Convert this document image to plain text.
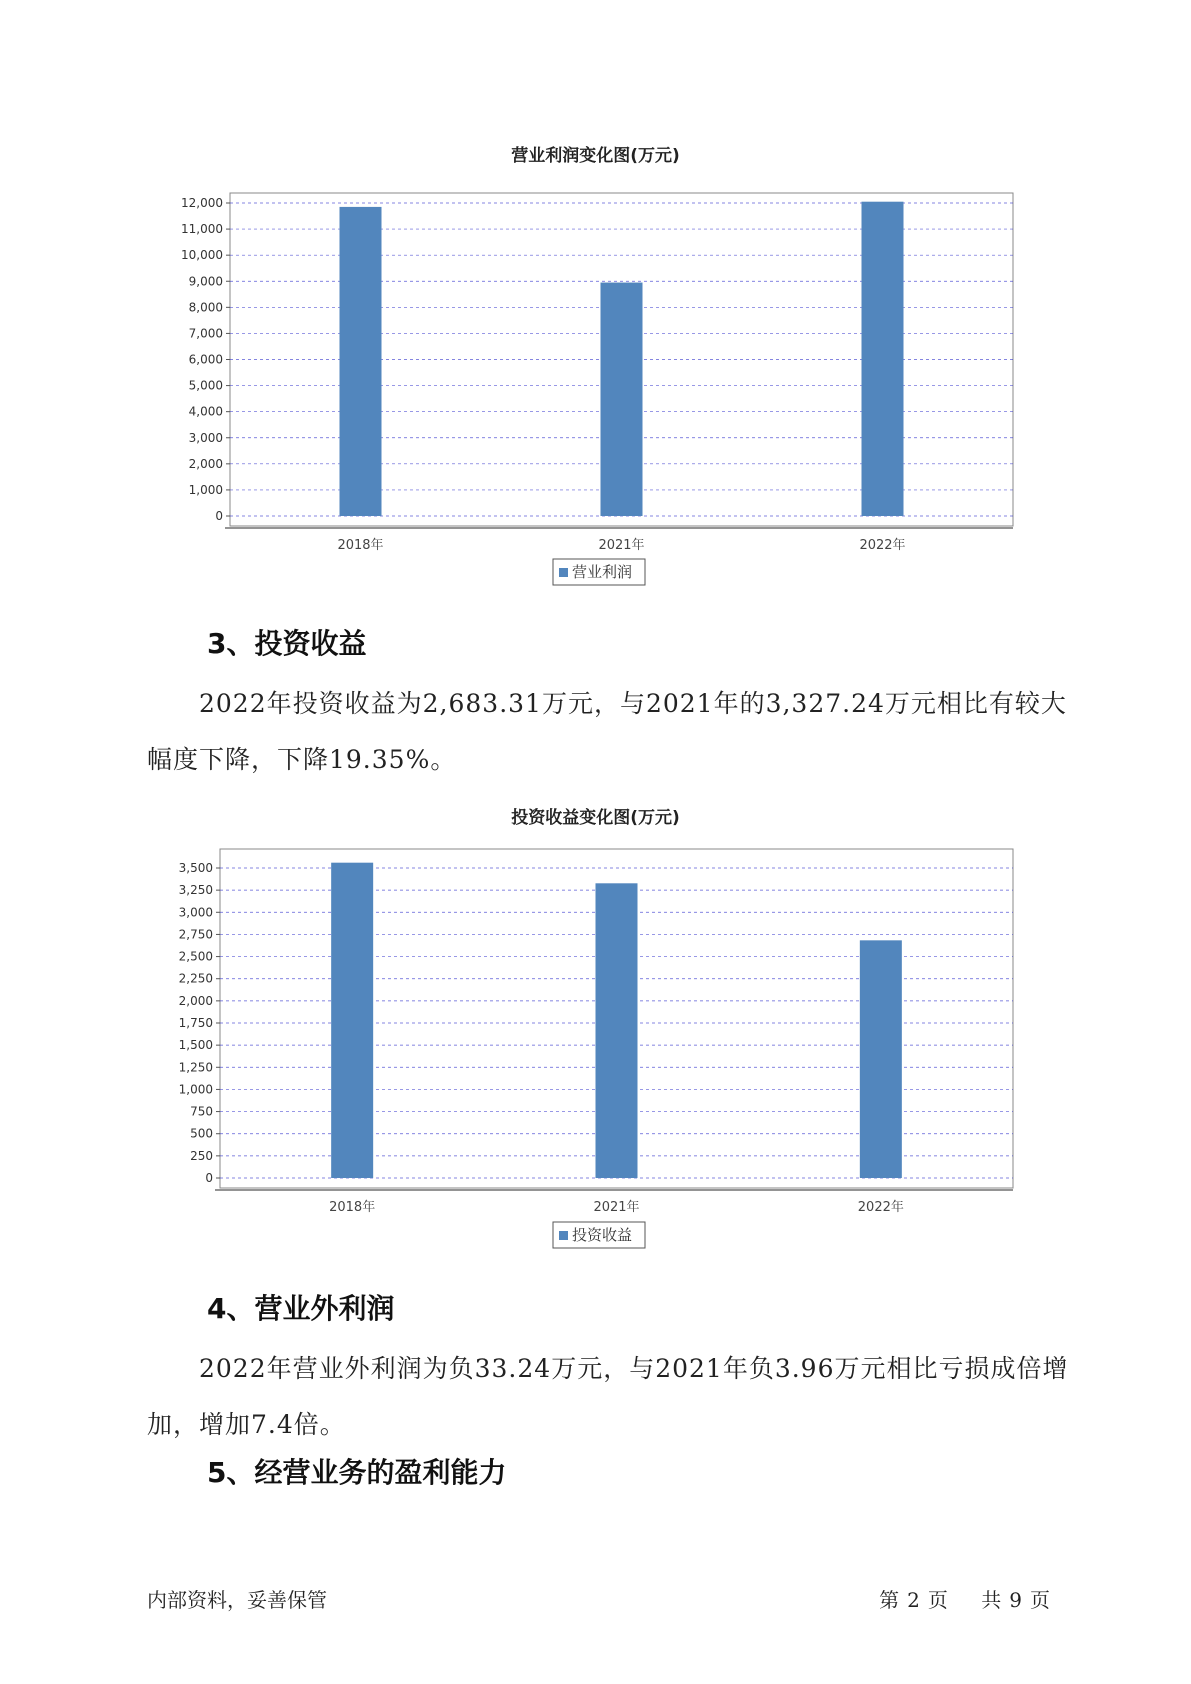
营业利润变化图(万元)
0
1,000
2,000
3,000
4,000
5,000
6,000
7,000
8,000
9,000
10,000
11,000
12,000
2018年	2021年	2022年
营业利润
3、投资收益

2022年投资收益为2,683.31万元，与2021年的3,327.24万元相比有较大幅度下降，下降19.35%。

投资收益变化图(万元)
0
250
500
750
1,000
1,250
1,500
1,750
2,000
2,250
2,500
2,750
3,000
3,250
3,500
2018年	2021年	2022年
投资收益
4、营业外利润

2022年营业外利润为负33.24万元，与2021年负3.96万元相比亏损成倍增加，增加7.4倍。

5、经营业务的盈利能力
内部资料，妥善保管	第 2 页 共 9 页
